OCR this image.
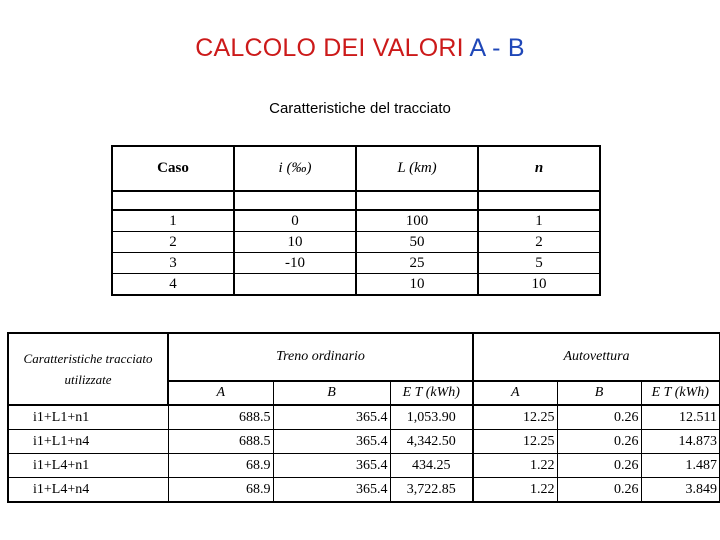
CALCOLO DEI VALORI A - B
Caratteristiche del tracciato
Caso	i (‰)	L (km)	n

1	0	100	1
2	10	50	2
3	-10	25	5
4		10	10
Caratteristiche tracciato
utilizzate	Treno ordinario			Autovettura		
	A	B	E T (kWh)	A	B	E T (kWh)
i1+L1+n1	688.5	365.4	1,053.90	12.25	0.26	12.511
i1+L1+n4	688.5	365.4	4,342.50	12.25	0.26	14.873
i1+L4+n1	68.9	365.4	434.25	1.22	0.26	1.487
i1+L4+n4	68.9	365.4	3,722.85	1.22	0.26	3.849
